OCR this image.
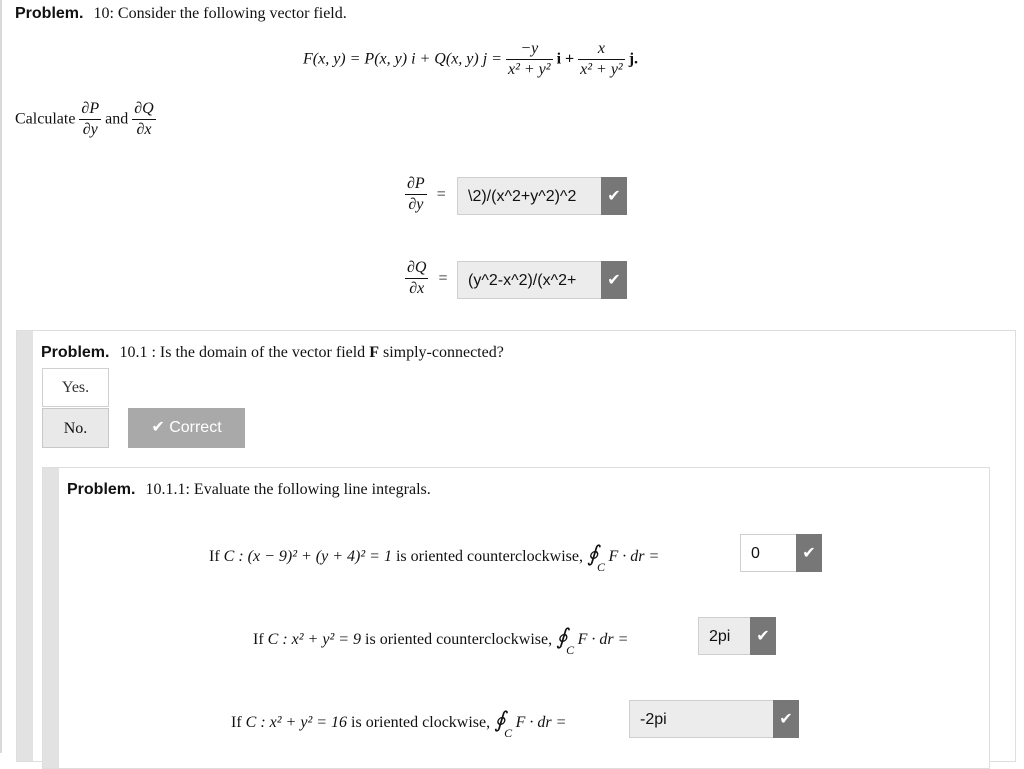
Problem. 10: Consider the following vector field.
F(x, y) = P(x, y) i + Q(x, y) $j = \frac{-y}{\text{x² + y²}}$ $i + \frac{x}{\text{x² + y²}} j$.
Calculate $\frac{\partial P}{\partial y}$ and $\frac{\partial Q}{\partial x}$
$\frac{\partial P}{\partial y}$ =	\2)/(x^2+y^2)^2	✔
$\frac{\partial Q}{\partial x}$ =	(y^2-x^2)/(x^2+	✔
Problem. 10.1 : Is the domain of the vector field F simply-connected?
Yes.
No.	✔ Correct
Problem. 10.1.1: Evaluate the following line integrals.
If C : (x − 9)² + (y + 4)² = 1 is oriented counterclockwise, ∮
C
F · dr =	0	✔
If C : x² + y² = 9 is oriented counterclockwise, ∮
C
F · dr =	2pi	✔
If C : x² + y² = 16 is oriented clockwise, ∮
C
F · dr =	-2pi	✔
